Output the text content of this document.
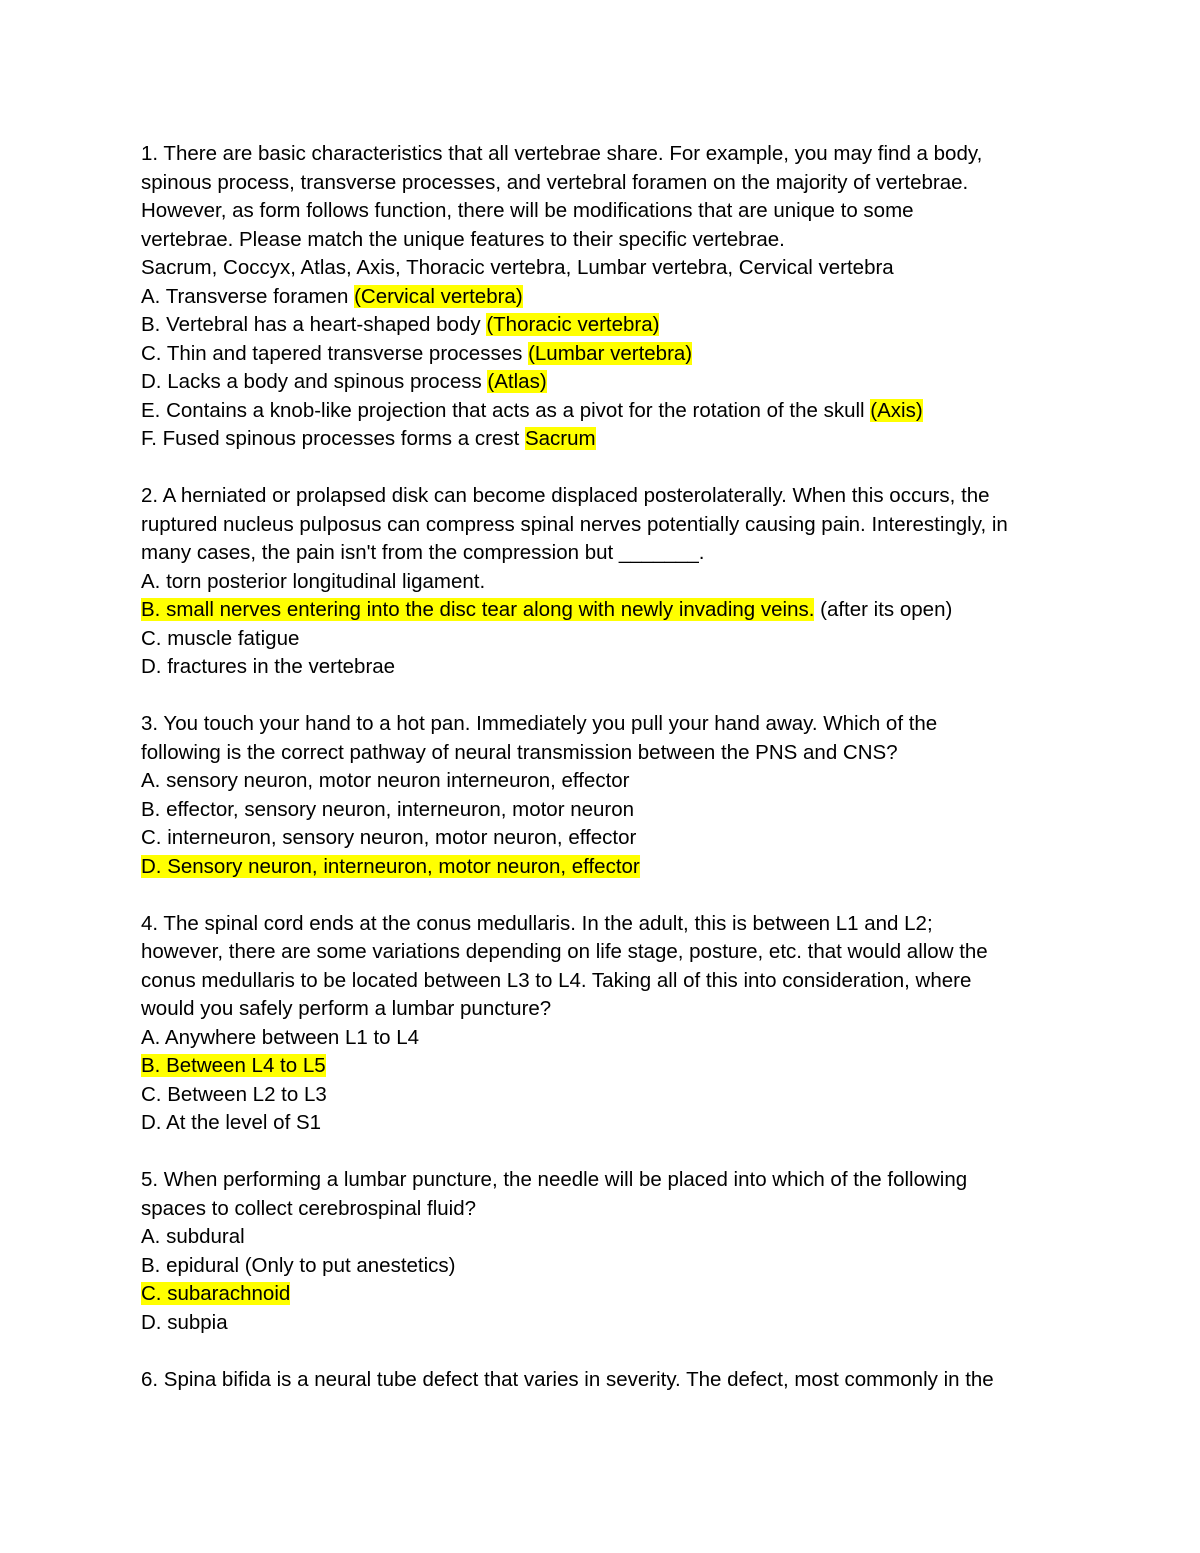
1. There are basic characteristics that all vertebrae share. For example, you may find a body,
spinous process, transverse processes, and vertebral foramen on the majority of vertebrae.
However, as form follows function, there will be modifications that are unique to some
vertebrae. Please match the unique features to their specific vertebrae.
Sacrum, Coccyx, Atlas, Axis, Thoracic vertebra, Lumbar vertebra, Cervical vertebra
A. Transverse foramen (Cervical vertebra)
B. Vertebral has a heart-shaped body (Thoracic vertebra)
C. Thin and tapered transverse processes (Lumbar vertebra)
D. Lacks a body and spinous process (Atlas)
E. Contains a knob-like projection that acts as a pivot for the rotation of the skull (Axis)
F. Fused spinous processes forms a crest Sacrum
2. A herniated or prolapsed disk can become displaced posterolaterally. When this occurs, the
ruptured nucleus pulposus can compress spinal nerves potentially causing pain. Interestingly, in
many cases, the pain isn't from the compression but _______.
A. torn posterior longitudinal ligament.
B. small nerves entering into the disc tear along with newly invading veins. (after its open)
C. muscle fatigue
D. fractures in the vertebrae
3. You touch your hand to a hot pan. Immediately you pull your hand away. Which of the
following is the correct pathway of neural transmission between the PNS and CNS?
A. sensory neuron, motor neuron interneuron, effector
B. effector, sensory neuron, interneuron, motor neuron
C. interneuron, sensory neuron, motor neuron, effector
D. Sensory neuron, interneuron, motor neuron, effector
4. The spinal cord ends at the conus medullaris. In the adult, this is between L1 and L2;
however, there are some variations depending on life stage, posture, etc. that would allow the
conus medullaris to be located between L3 to L4. Taking all of this into consideration, where
would you safely perform a lumbar puncture?
A. Anywhere between L1 to L4
B. Between L4 to L5
C. Between L2 to L3
D. At the level of S1
5. When performing a lumbar puncture, the needle will be placed into which of the following
spaces to collect cerebrospinal fluid?
A. subdural
B. epidural (Only to put anestetics)
C. subarachnoid
D. subpia
6. Spina bifida is a neural tube defect that varies in severity. The defect, most commonly in the
